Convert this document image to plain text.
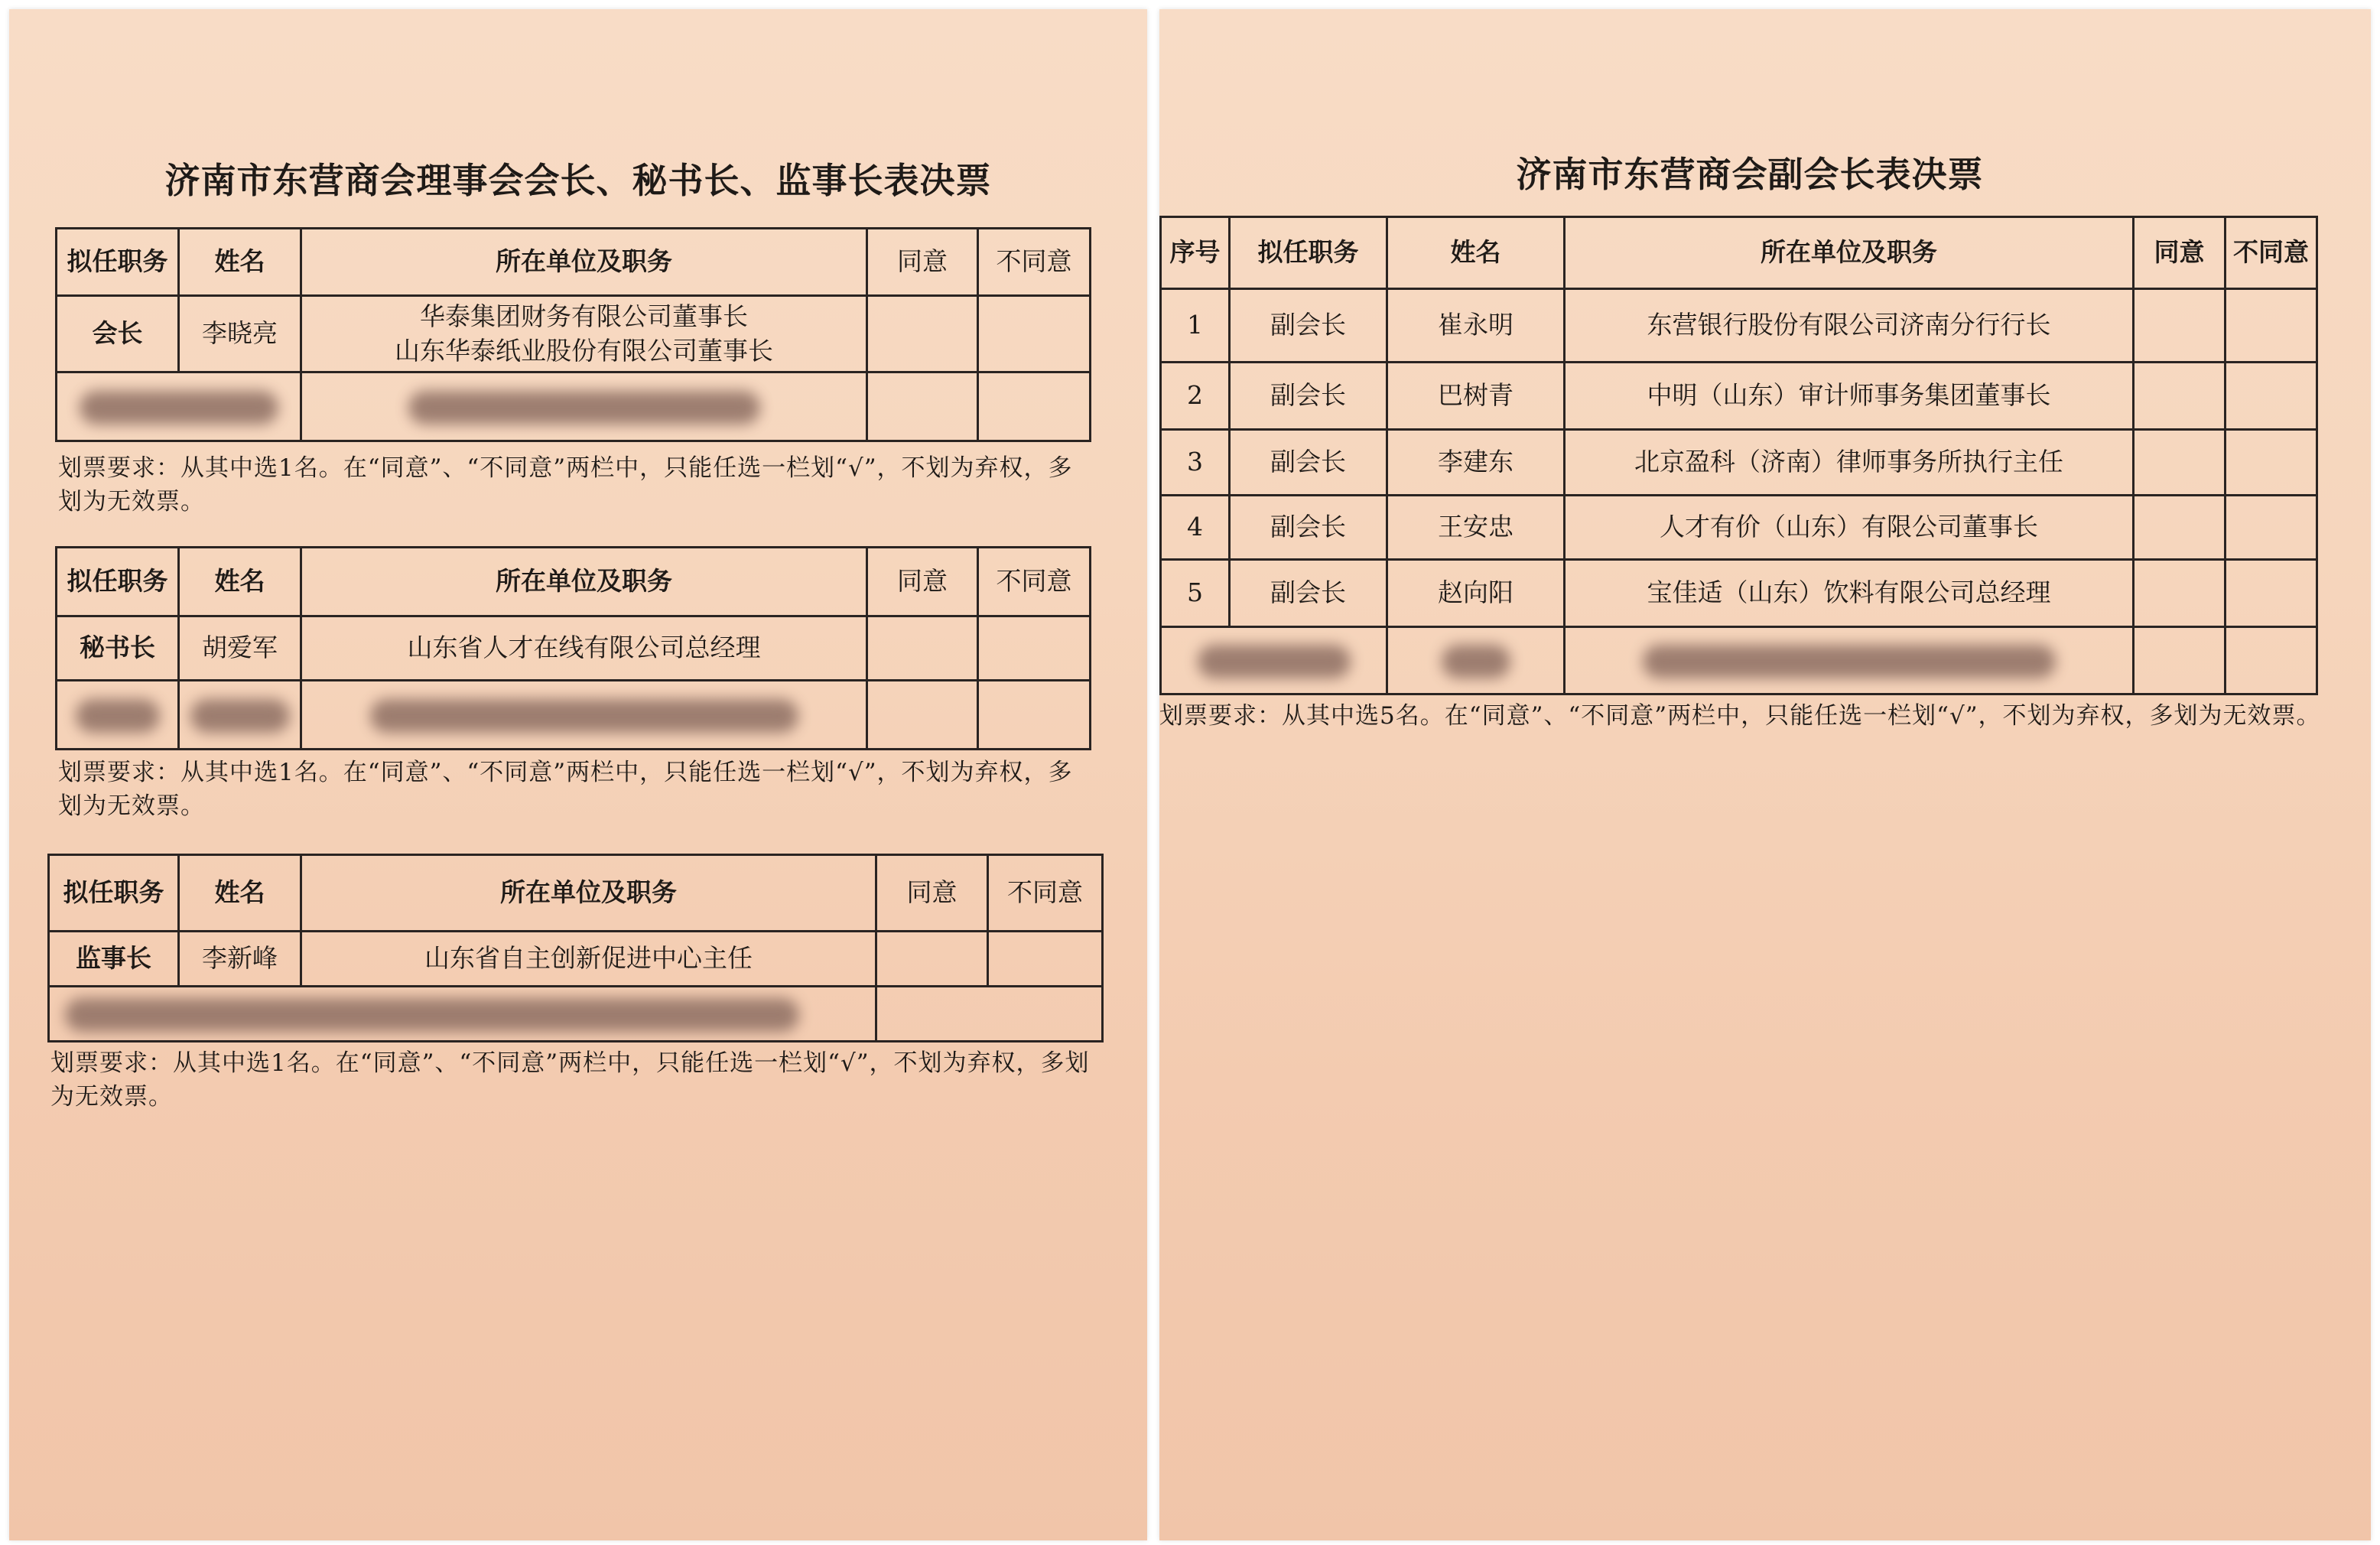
济南市东营商会理事会会长、秘书长、监事长表决票
拟任职务	姓名	所在单位及职务	同意	不同意
会长	李晓亮	华泰集团财务有限公司董事长
山东华泰纸业股份有限公司董事长		

划票要求：从其中选1名。在“同意”、“不同意”两栏中，只能任选一栏划“√”，不划为弃权，多划为无效票。
拟任职务	姓名	所在单位及职务	同意	不同意
秘书长	胡爱军	山东省人才在线有限公司总经理		

划票要求：从其中选1名。在“同意”、“不同意”两栏中，只能任选一栏划“√”，不划为弃权，多划为无效票。
拟任职务	姓名	所在单位及职务	同意	不同意
监事长	李新峰	山东省自主创新促进中心主任		

划票要求：从其中选1名。在“同意”、“不同意”两栏中，只能任选一栏划“√”，不划为弃权，多划为无效票。
济南市东营商会副会长表决票
序号	拟任职务	姓名	所在单位及职务	同意	不同意
1	副会长	崔永明	东营银行股份有限公司济南分行行长		
2	副会长	巴树青	中明（山东）审计师事务集团董事长		
3	副会长	李建东	北京盈科（济南）律师事务所执行主任		
4	副会长	王安忠	人才有价（山东）有限公司董事长		
5	副会长	赵向阳	宝佳适（山东）饮料有限公司总经理		

划票要求：从其中选5名。在“同意”、“不同意”两栏中，只能任选一栏划“√”，不划为弃权，多划为无效票。
